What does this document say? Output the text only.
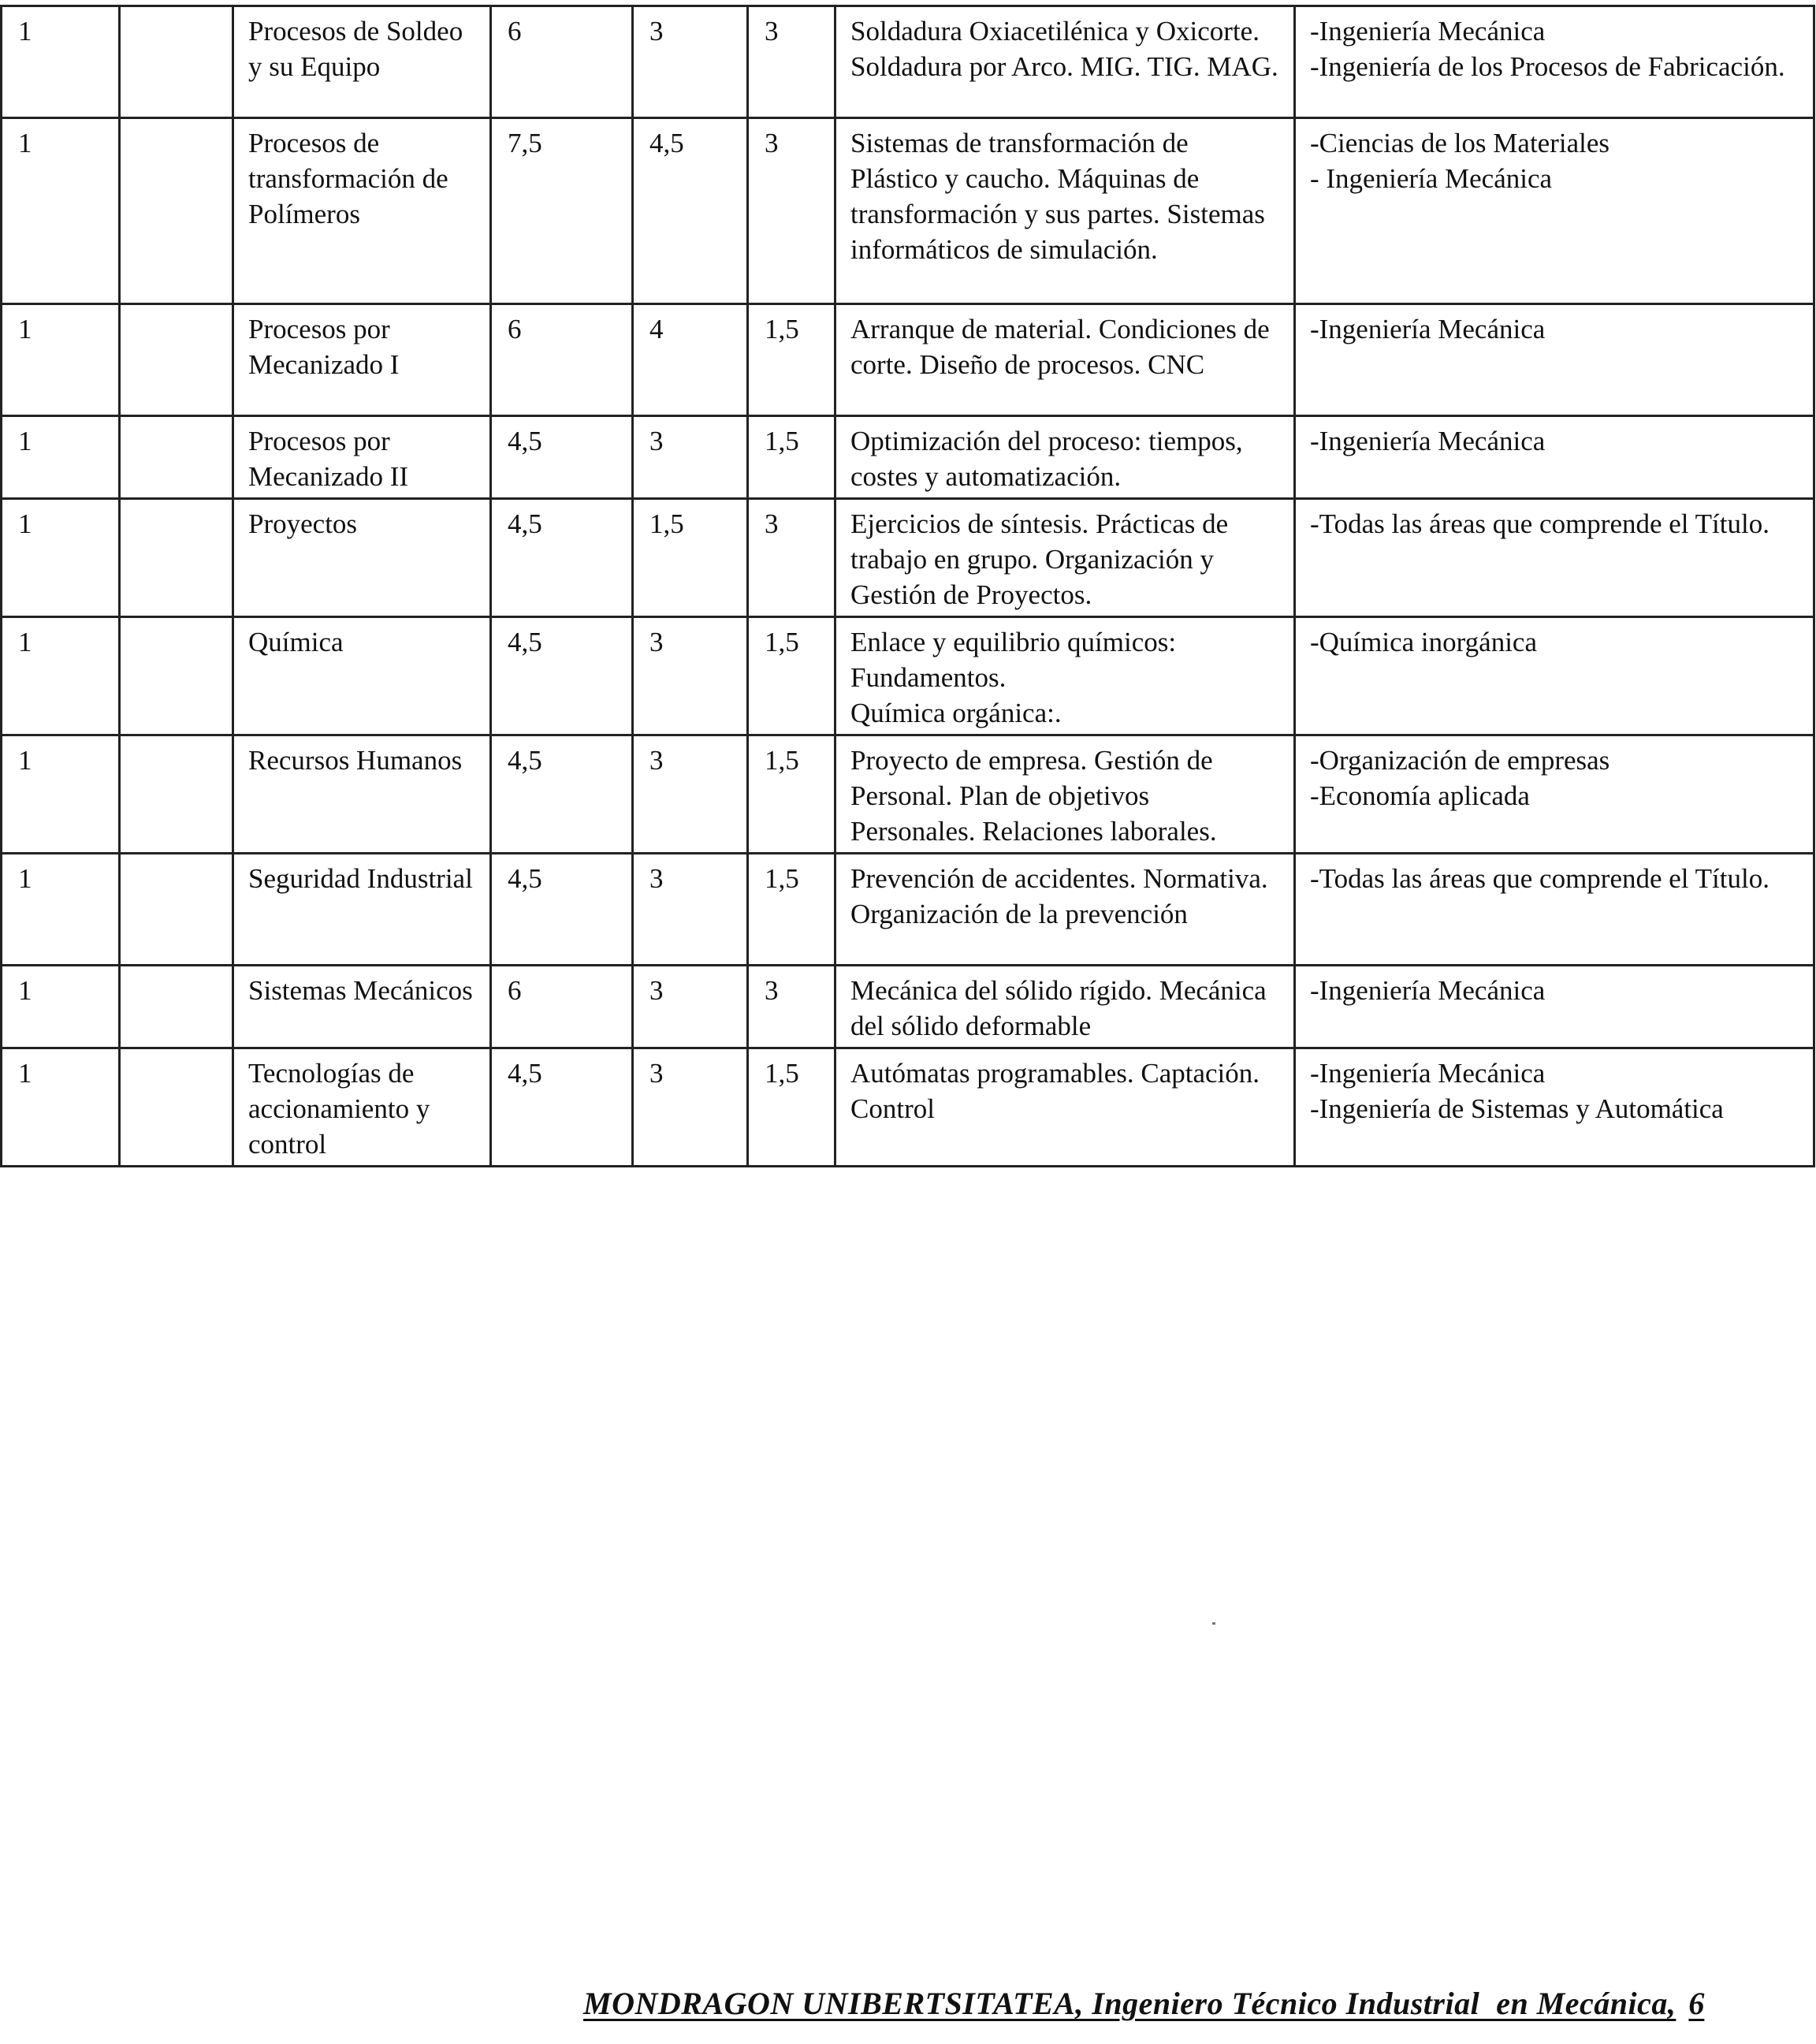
1		Procesos de Soldeo y su Equipo	6	3	3	Soldadura Oxiacetilénica y Oxicorte. Soldadura por Arco. MIG. TIG. MAG.	-Ingeniería Mecánica
-Ingeniería de los Procesos de Fabricación.

1		Procesos de transformación de Polímeros	7,5	4,5	3	Sistemas de transformación de Plástico y caucho. Máquinas de transformación y sus partes. Sistemas informáticos de simulación.	-Ciencias de los Materiales
- Ingeniería Mecánica

1		Procesos por Mecanizado I	6	4	1,5	Arranque de material. Condiciones de corte. Diseño de procesos. CNC	-Ingeniería Mecánica

1		Procesos por Mecanizado II	4,5	3	1,5	Optimización del proceso: tiempos, costes y automatización.	-Ingeniería Mecánica

1		Proyectos	4,5	1,5	3	Ejercicios de síntesis. Prácticas de trabajo en grupo. Organización y Gestión de Proyectos.	-Todas las áreas que comprende el Título.

1		Química	4,5	3	1,5	Enlace y equilibrio químicos: Fundamentos.
Química orgánica:.	-Química inorgánica

1		Recursos Humanos	4,5	3	1,5	Proyecto de empresa. Gestión de Personal. Plan de objetivos Personales. Relaciones laborales.	-Organización de empresas
-Economía aplicada

1		Seguridad Industrial	4,5	3	1,5	Prevención de accidentes. Normativa. Organización de la prevención	-Todas las áreas que comprende el Título.

1		Sistemas Mecánicos	6	3	3	Mecánica del sólido rígido. Mecánica del sólido deformable	-Ingeniería Mecánica

1		Tecnologías de accionamiento y control	4,5	3	1,5	Autómatas programables. Captación. Control	-Ingeniería Mecánica
-Ingeniería de Sistemas y Automática
MONDRAGON UNIBERTSITATEA, Ingeniero Técnico Industrial  en Mecánica, 6
